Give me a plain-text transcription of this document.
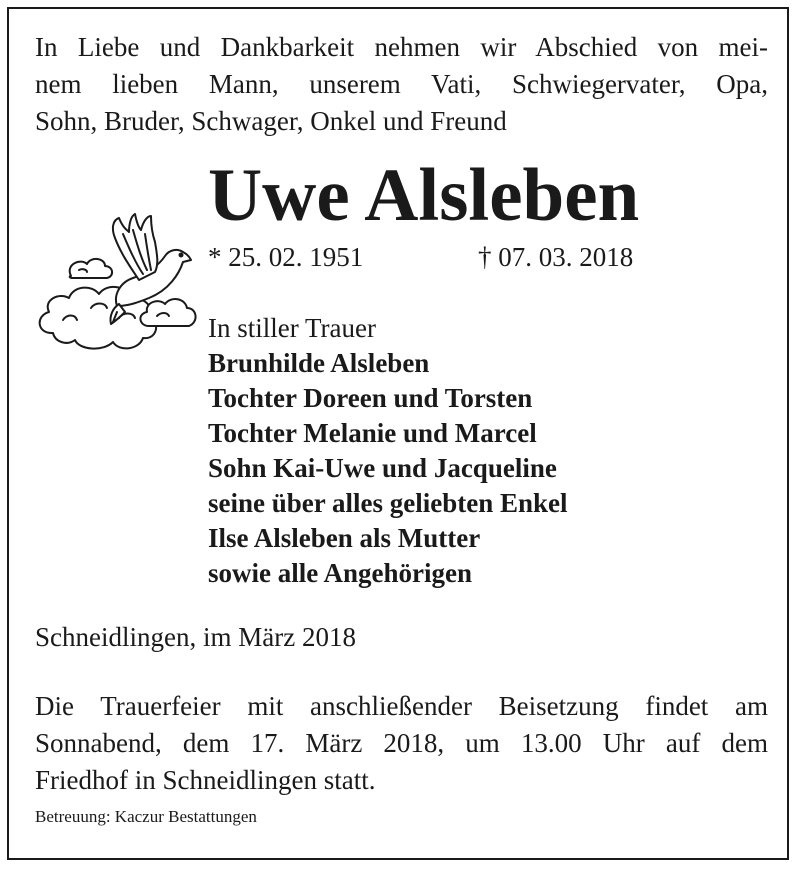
In Liebe und Dankbarkeit nehmen wir Abschied von mei-
nem lieben Mann, unserem Vati, Schwiegervater, Opa,
Sohn, Bruder, Schwager, Onkel und Freund
Uwe Alsleben
* 25. 02. 1951	† 07. 03. 2018
In stiller Trauer
Brunhilde Alsleben
Tochter Doreen und Torsten
Tochter Melanie und Marcel
Sohn Kai-Uwe und Jacqueline
seine über alles geliebten Enkel
Ilse Alsleben als Mutter
sowie alle Angehörigen
Schneidlingen, im März 2018
Die Trauerfeier mit anschließender Beisetzung findet am
Sonnabend, dem 17. März 2018, um 13.00 Uhr auf dem
Friedhof in Schneidlingen statt.
Betreuung: Kaczur Bestattungen
